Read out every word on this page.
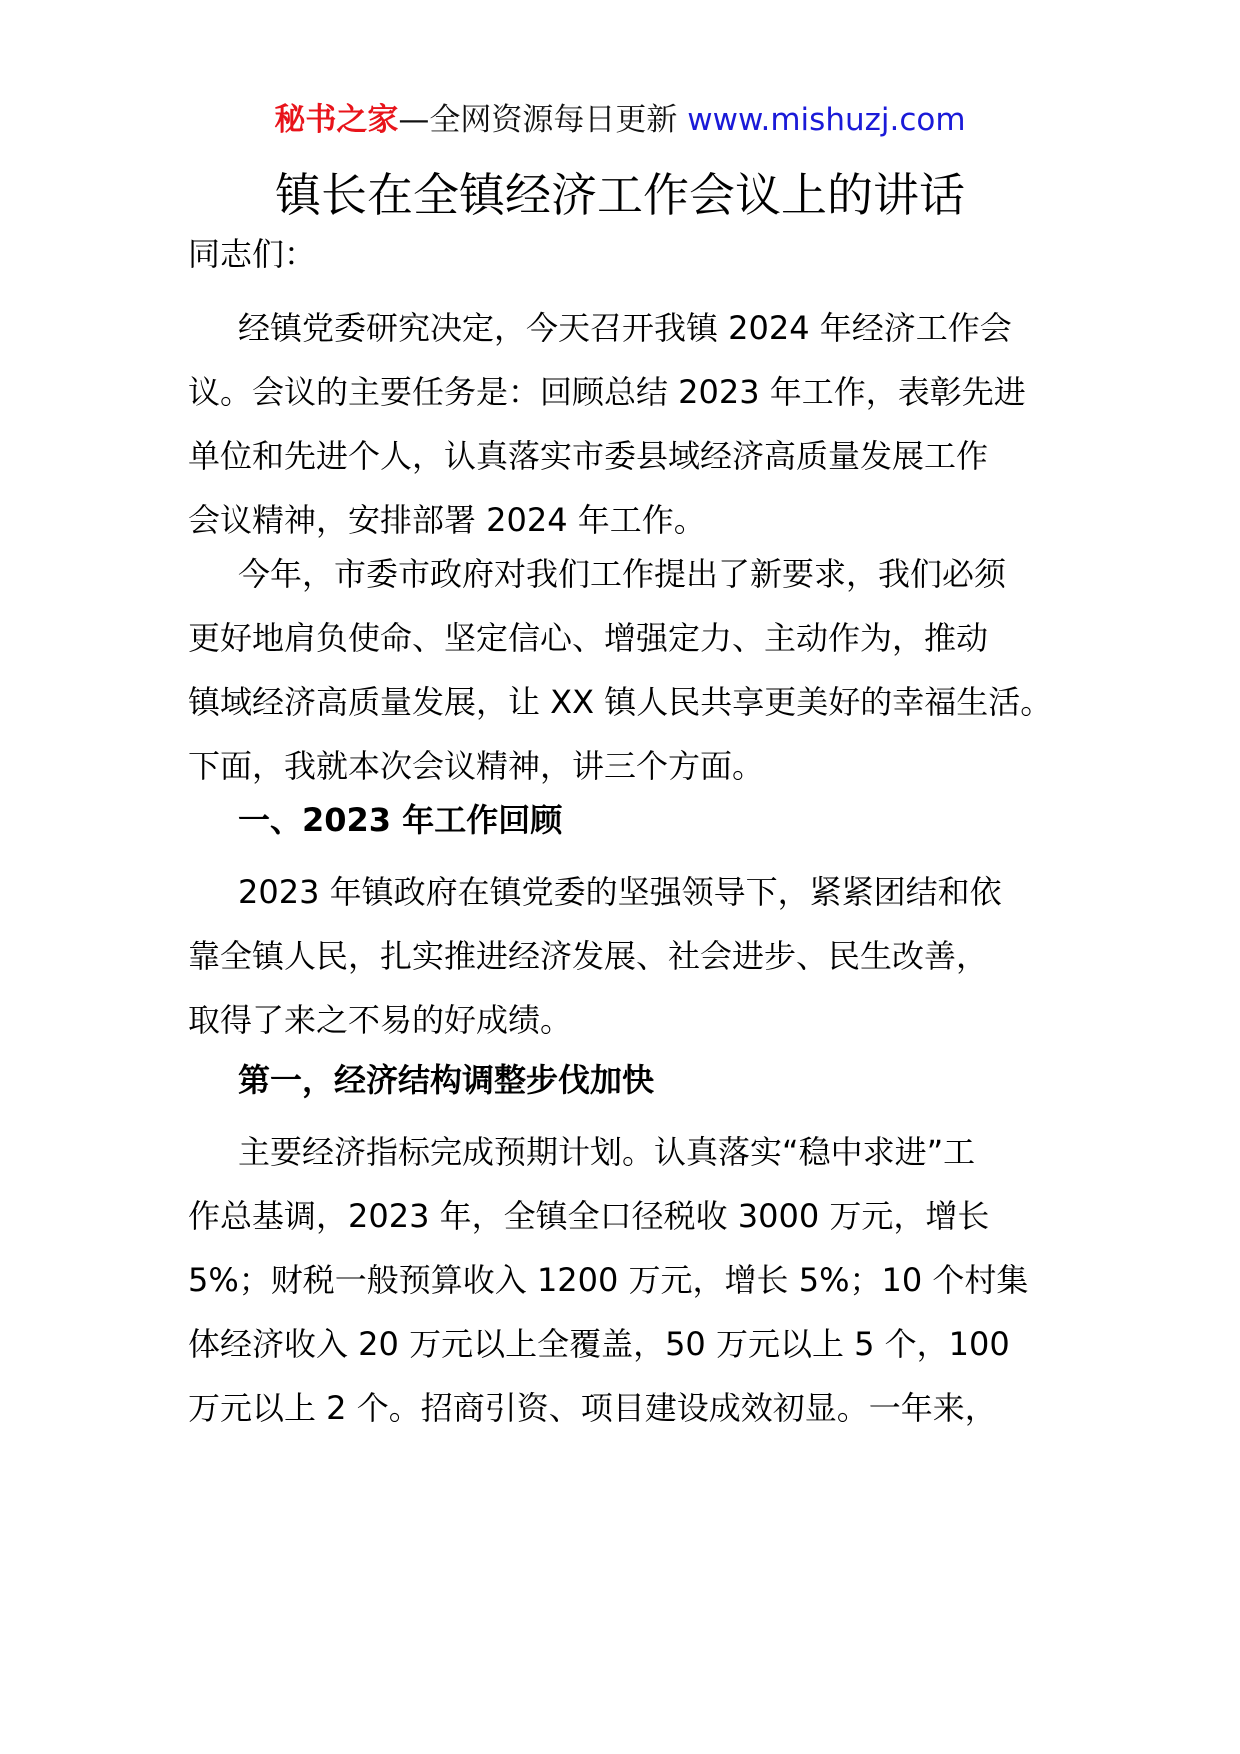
秘书之家—全网资源每日更新 www.mishuzj.com
镇长在全镇经济工作会议上的讲话
同志们：
经镇党委研究决定，今天召开我镇 2024 年经济工作会
议。会议的主要任务是：回顾总结 2023 年工作，表彰先进
单位和先进个人，认真落实市委县域经济高质量发展工作
会议精神，安排部署 2024 年工作。
今年，市委市政府对我们工作提出了新要求，我们必须
更好地肩负使命、坚定信心、增强定力、主动作为，推动
镇域经济高质量发展，让 XX 镇人民共享更美好的幸福生活。
下面，我就本次会议精神，讲三个方面。
一、2023 年工作回顾
2023 年镇政府在镇党委的坚强领导下，紧紧团结和依
靠全镇人民，扎实推进经济发展、社会进步、民生改善，
取得了来之不易的好成绩。
第一，经济结构调整步伐加快
主要经济指标完成预期计划。认真落实“稳中求进”工
作总基调，2023 年，全镇全口径税收 3000 万元，增长
5%；财税一般预算收入 1200 万元，增长 5%；10 个村集
体经济收入 20 万元以上全覆盖，50 万元以上 5 个，100
万元以上 2 个。招商引资、项目建设成效初显。一年来，
